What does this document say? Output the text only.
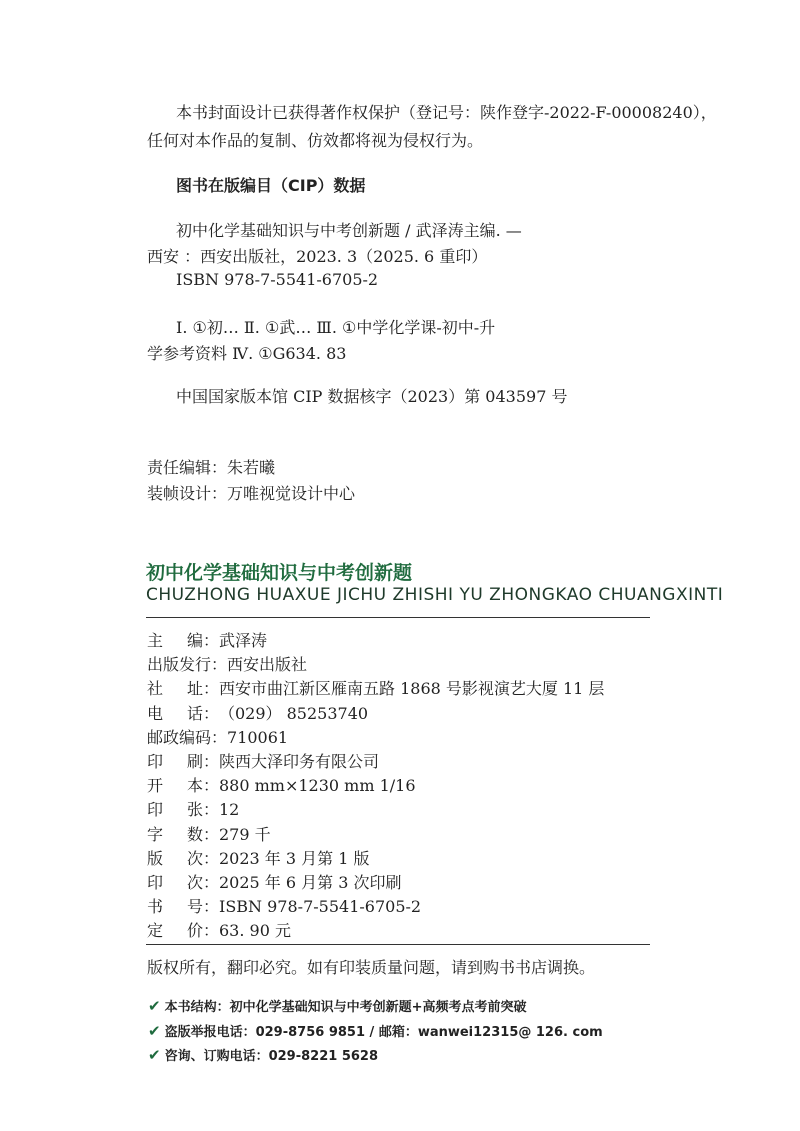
本书封面设计已获得著作权保护（登记号：陕作登字-2022-F-00008240），
任何对本作品的复制、仿效都将视为侵权行为。
图书在版编目（CIP）数据
初中化学基础知识与中考创新题 / 武泽涛主编. —
西安 ：西安出版社，2023. 3（2025. 6 重印）
ISBN 978-7-5541-6705-2
Ⅰ. ①初… Ⅱ. ①武… Ⅲ. ①中学化学课-初中-升
学参考资料 Ⅳ. ①G634. 83
中国国家版本馆 CIP 数据核字（2023）第 043597 号
责任编辑：朱若曦
装帧设计：万唯视觉设计中心
初中化学基础知识与中考创新题
CHUZHONG HUAXUE JICHU ZHISHI YU ZHONGKAO CHUANGXINTI
主编：武泽涛
出版发行：西安出版社
社址：西安市曲江新区雁南五路 1868 号影视演艺大厦 11 层
电话：（029） 85253740
邮政编码：710061
印刷：陕西大泽印务有限公司
开本：880 mm×1230 mm 1/16
印张：12
字数：279 千
版次：2023 年 3 月第 1 版
印次：2025 年 6 月第 3 次印刷
书号：ISBN 978-7-5541-6705-2
定价：63. 90 元
版权所有，翻印必究。如有印装质量问题，请到购书书店调换。
✔ 本书结构：初中化学基础知识与中考创新题+高频考点考前突破
✔ 盗版举报电话：029-8756 9851 / 邮箱：wanwei12315@ 126. com
✔ 咨询、订购电话：029-8221 5628
